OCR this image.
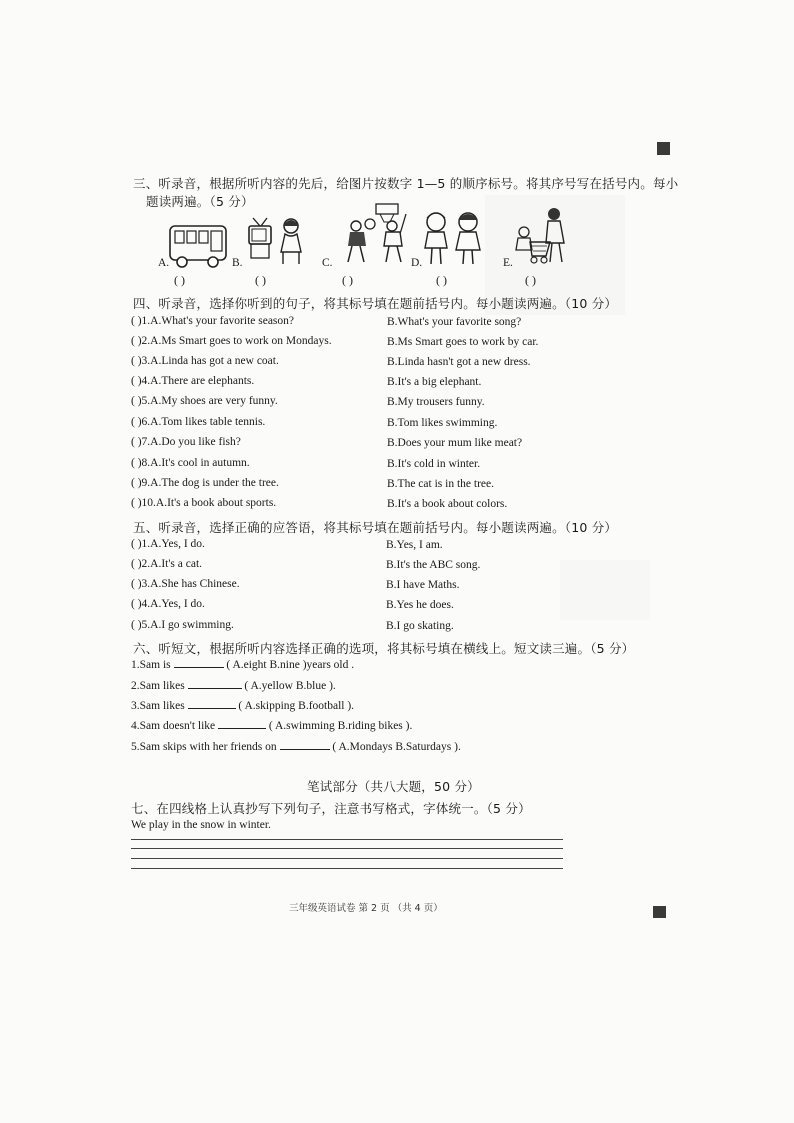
三、听录音，根据所听内容的先后，给图片按数字 1—5 的顺序标号。将其序号写在括号内。每小
题读两遍。（5 分）
A.	B.	C.	D.	E.
( )	( )	( )	( )	( )
四、听录音，选择你听到的句子，将其标号填在题前括号内。每小题读两遍。（10 分）
( )1.A.What's your favorite season?	B.What's your favorite song?
( )2.A.Ms Smart goes to work on Mondays.	B.Ms Smart goes to work by car.
( )3.A.Linda has got a new coat.	B.Linda hasn't got a new dress.
( )4.A.There are elephants.	B.It's a big elephant.
( )5.A.My shoes are very funny.	B.My trousers funny.
( )6.A.Tom likes table tennis.	B.Tom likes swimming.
( )7.A.Do you like fish?	B.Does your mum like meat?
( )8.A.It's cool in autumn.	B.It's cold in winter.
( )9.A.The dog is under the tree.	B.The cat is in the tree.
( )10.A.It's a book about sports.	B.It's a book about colors.
五、听录音，选择正确的应答语，将其标号填在题前括号内。每小题读两遍。（10 分）
( )1.A.Yes, I do.	B.Yes, I am.
( )2.A.It's a cat.	B.It's the ABC song.
( )3.A.She has Chinese.	B.I have Maths.
( )4.A.Yes, I do.	B.Yes he does.
( )5.A.I go swimming.	B.I go skating.
六、听短文，根据所听内容选择正确的选项，将其标号填在横线上。短文读三遍。（5 分）
1.Sam is	( A.eight B.nine )years old .
2.Sam likes	( A.yellow B.blue ).
3.Sam likes	( A.skipping B.football ).
4.Sam doesn't like	( A.swimming B.riding bikes ).
5.Sam skips with her friends on	( A.Mondays B.Saturdays ).
笔试部分（共八大题，50 分）
七、在四线格上认真抄写下列句子，注意书写格式，字体统一。（5 分）
We play in the snow in winter.
三年级英语试卷 第 2 页 （共 4 页）
